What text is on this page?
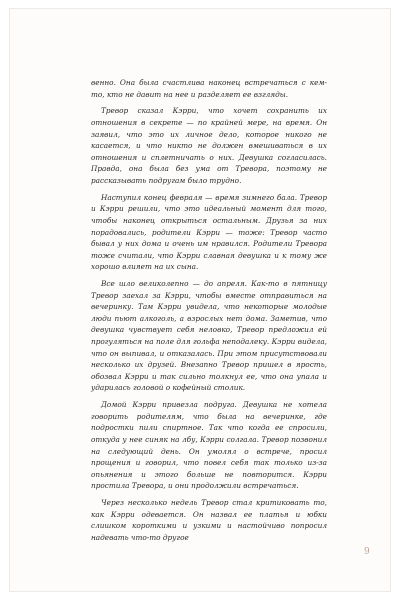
венно. Она была счастлива наконец встречаться с кем-то, кто не давит на нее и разделяет ее взгляды.

Тревор сказал Кэрри, что хочет сохранить их отношения в секрете — по крайней мере, на время. Он заявил, что это их личное дело, которое никого не касается, и что никто не должен вмешиваться в их отношения и сплетничать о них. Девушка согласилась. Правда, она была без ума от Тревора, поэтому не рассказывать подругам было трудно.

Наступил конец февраля — время зимнего бала. Тревор и Кэрри решили, что это идеальный момент для того, чтобы наконец открыться остальным. Друзья за них порадовались, родители Кэрри — тоже: Тревор часто бывал у них дома и очень им нравился. Родители Тревора тоже считали, что Кэрри славная девушка и к тому же хорошо влияет на их сына.

Все шло великолепно — до апреля. Как-то в пятницу Тревор заехал за Кэрри, чтобы вместе отправиться на вечеринку. Там Кэрри увидела, что некоторые молодые люди пьют алкоголь, а взрослых нет дома. Заметив, что девушка чувствует себя неловко, Тревор предложил ей прогуляться на поле для гольфа неподалеку. Кэрри видела, что он выпивал, и отказалась. При этом присутствовали несколько их друзей. Внезапно Тревор пришел в ярость, обозвал Кэрри и так сильно толкнул ее, что она упала и ударилась головой о кофейный столик.

Домой Кэрри привезла подруга. Девушка не хотела говорить родителям, что была на вечеринке, где подростки пили спиртное. Так что когда ее спросили, откуда у нее синяк на лбу, Кэрри солгала. Тревор позвонил на следующий день. Он умолял о встрече, просил прощения и говорил, что повел себя так только из-за опьянения и этого больше не повторится. Кэрри простила Тревора, и они продолжили встречаться.

Через несколько недель Тревор стал критиковать то, как Кэрри одевается. Он назвал ее платья и юбки слишком короткими и узкими и настойчиво попросил надевать что-то другое

9
